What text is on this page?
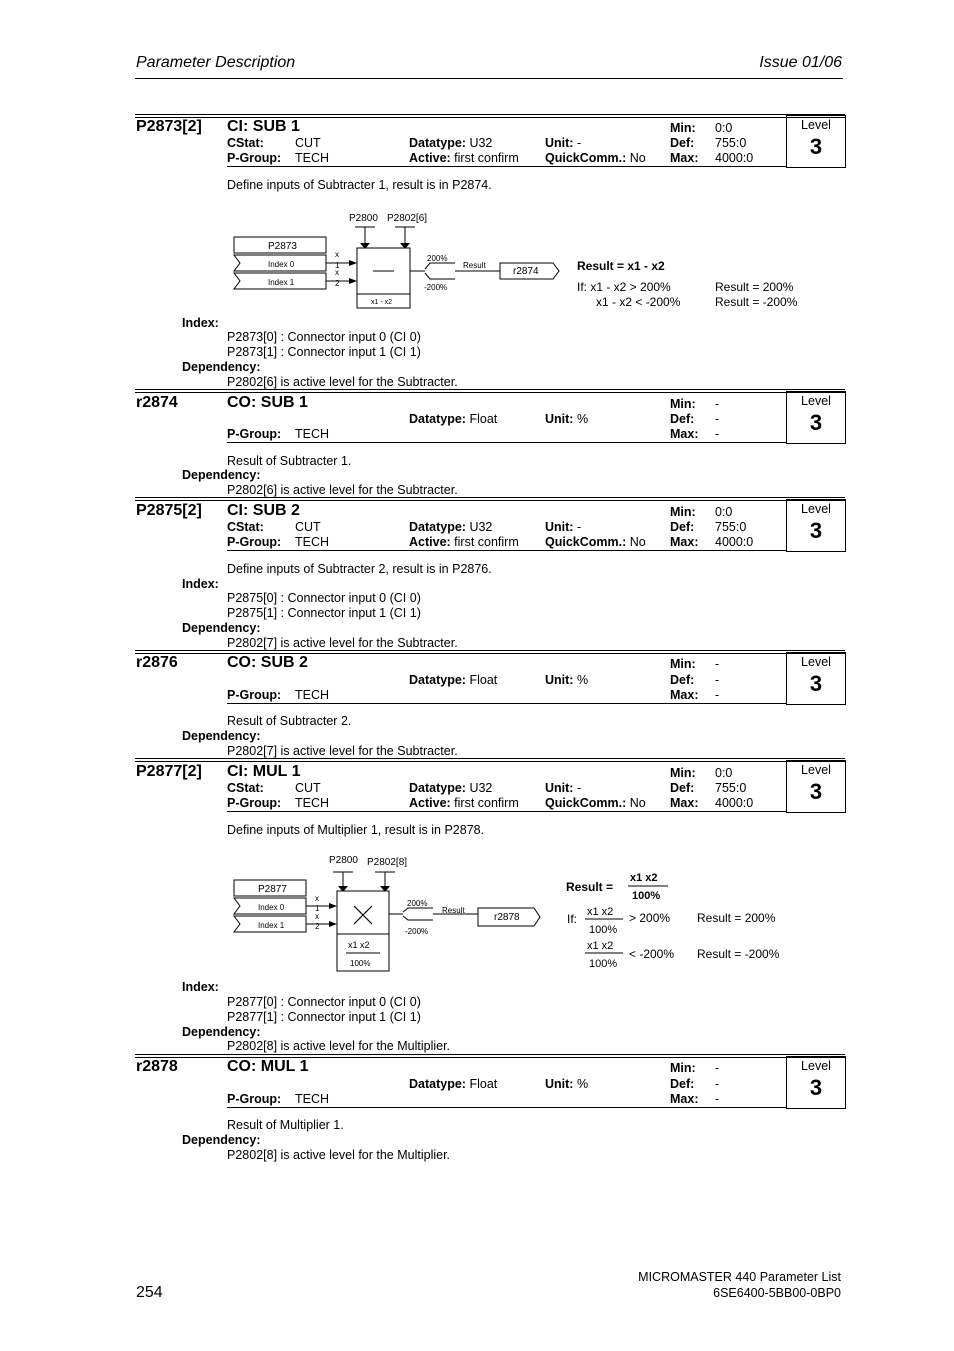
Parameter Description	Issue 01/06
P2873[2] CI: SUB 1
CStat: CUT
P-Group: TECH
Datatype: U32
Active: first confirm
Unit: -
QuickComm.: No
Min: 0:0
Def: 755:0
Max: 4000:0
Level
3
Define inputs of Subtracter 1, result is in P2874.
P2800 P2802[6]
P2873
Index 0
Index 1
x
1
x
2
x1 - x2
200%
-200%
Result
r2874	Result = x1 - x2
If: x1 - x2 > 200%	Result = 200%
x1 - x2 < -200%	Result = -200%
Index:
P2873[0] : Connector input 0 (CI 0)
P2873[1] : Connector input 1 (CI 1)
Dependency:
P2802[6] is active level for the Subtracter.
r2874	CO: SUB 1
P-Group: TECH
Datatype: Float	Unit: %
Min: -
Def: -
Max: -
Level
3
Result of Subtracter 1.
Dependency:
P2802[6] is active level for the Subtracter.
P2875[2] CI: SUB 2
CStat: CUT
P-Group: TECH
Datatype: U32
Active: first confirm
Unit: -
QuickComm.: No
Min: 0:0
Def: 755:0
Max: 4000:0
Level
3
Define inputs of Subtracter 2, result is in P2876.
Index:
P2875[0] : Connector input 0 (CI 0)
P2875[1] : Connector input 1 (CI 1)
Dependency:
P2802[7] is active level for the Subtracter.
r2876	CO: SUB 2
P-Group: TECH
Datatype: Float	Unit: %
Min: -
Def: -
Max: -
Level
3
Result of Subtracter 2.
Dependency:
P2802[7] is active level for the Subtracter.
P2877[2] CI: MUL 1
CStat: CUT
P-Group: TECH
Datatype: U32
Active: first confirm
Unit: -
QuickComm.: No
Min: 0:0
Def: 755:0
Max: 4000:0
Level
3
Define inputs of Multiplier 1, result is in P2878.
P2800 P2802[8]
P2877
Index 0
Index 1
x
1
x
2
x1 x2
100%
200%
-200%
Result
r2878
Result =
x1 x2
100%
If: x1 x2
100%
> 200% Result = 200%
x1 x2
100%
< -200% Result = -200%
Index:
P2877[0] : Connector input 0 (CI 0)
P2877[1] : Connector input 1 (CI 1)
Dependency:
P2802[8] is active level for the Multiplier.
r2878	CO: MUL 1
P-Group: TECH
Datatype: Float	Unit: %
Min: -
Def: -
Max: -
Level
3
Result of Multiplier 1.
Dependency:
P2802[8] is active level for the Multiplier.
254
MICROMASTER 440 Parameter List
6SE6400-5BB00-0BP0
